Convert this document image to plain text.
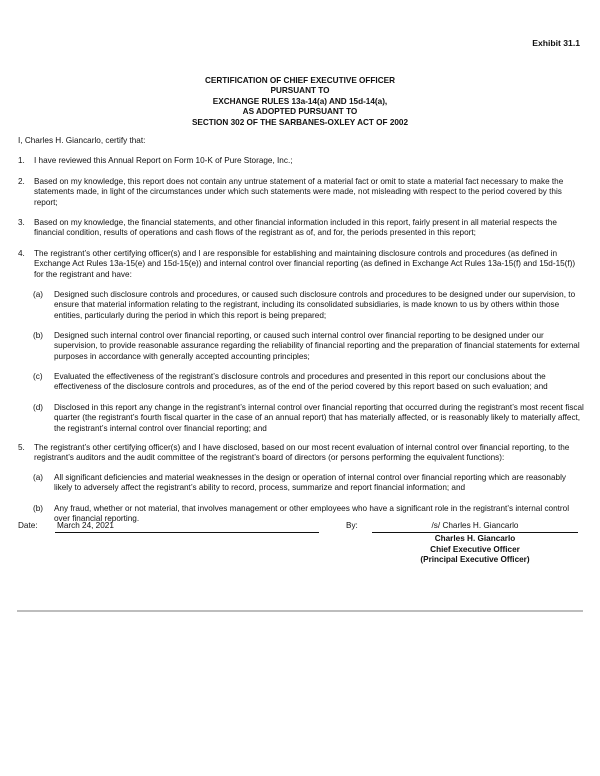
Exhibit 31.1
CERTIFICATION OF CHIEF EXECUTIVE OFFICER
PURSUANT TO
EXCHANGE RULES 13a-14(a) AND 15d-14(a),
AS ADOPTED PURSUANT TO
SECTION 302 OF THE SARBANES-OXLEY ACT OF 2002
I, Charles H. Giancarlo, certify that:
1.	I have reviewed this Annual Report on Form 10-K of Pure Storage, Inc.;
2.	Based on my knowledge, this report does not contain any untrue statement of a material fact or omit to state a material fact necessary to make the statements made, in light of the circumstances under which such statements were made, not misleading with respect to the period covered by this report;
3.	Based on my knowledge, the financial statements, and other financial information included in this report, fairly present in all material respects the financial condition, results of operations and cash flows of the registrant as of, and for, the periods presented in this report;
4.	The registrant’s other certifying officer(s) and I are responsible for establishing and maintaining disclosure controls and procedures (as defined in Exchange Act Rules 13a-15(e) and 15d-15(e)) and internal control over financial reporting (as defined in Exchange Act Rules 13a-15(f) and 15d-15(f)) for the registrant and have:
(a)	Designed such disclosure controls and procedures, or caused such disclosure controls and procedures to be designed under our supervision, to ensure that material information relating to the registrant, including its consolidated subsidiaries, is made known to us by others within those entities, particularly during the period in which this report is being prepared;
(b)	Designed such internal control over financial reporting, or caused such internal control over financial reporting to be designed under our supervision, to provide reasonable assurance regarding the reliability of financial reporting and the preparation of financial statements for external purposes in accordance with generally accepted accounting principles;
(c)	Evaluated the effectiveness of the registrant’s disclosure controls and procedures and presented in this report our conclusions about the effectiveness of the disclosure controls and procedures, as of the end of the period covered by this report based on such evaluation; and
(d)	Disclosed in this report any change in the registrant’s internal control over financial reporting that occurred during the registrant’s most recent fiscal quarter (the registrant’s fourth fiscal quarter in the case of an annual report) that has materially affected, or is reasonably likely to materially affect, the registrant’s internal control over financial reporting; and
5.	The registrant’s other certifying officer(s) and I have disclosed, based on our most recent evaluation of internal control over financial reporting, to the registrant’s auditors and the audit committee of the registrant’s board of directors (or persons performing the equivalent functions):
(a)	All significant deficiencies and material weaknesses in the design or operation of internal control over financial reporting which are reasonably likely to adversely affect the registrant’s ability to record, process, summarize and report financial information; and
(b)	Any fraud, whether or not material, that involves management or other employees who have a significant role in the registrant’s internal control over financial reporting.
Date: March 24, 2021	By:	/s/ Charles H. Giancarlo
Charles H. Giancarlo
Chief Executive Officer
(Principal Executive Officer)
